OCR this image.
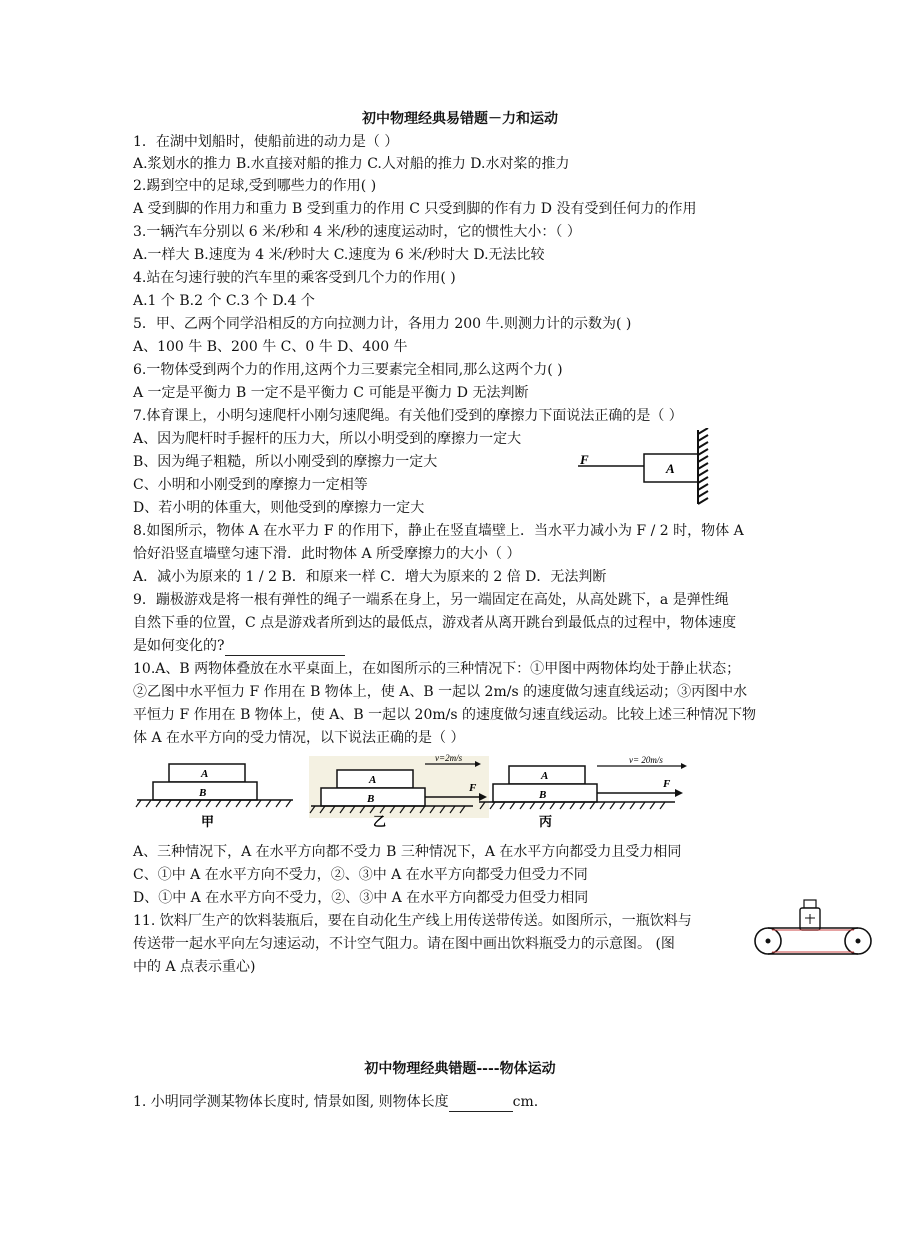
初中物理经典易错题－力和运动
1．在湖中划船时，使船前进的动力是（ ）
A.浆划水的推力 B.水直接对船的推力 C.人对船的推力 D.水对桨的推力
2.踢到空中的足球,受到哪些力的作用( )
A 受到脚的作用力和重力 B 受到重力的作用 C 只受到脚的作有力 D 没有受到任何力的作用
3.一辆汽车分别以 6 米/秒和 4 米/秒的速度运动时，它的惯性大小：（ ）
A.一样大 B.速度为 4 米/秒时大 C.速度为 6 米/秒时大 D.无法比较
4.站在匀速行驶的汽车里的乘客受到几个力的作用( )
A.1 个 B.2 个 C.3 个 D.4 个
5．甲、乙两个同学沿相反的方向拉测力计，各用力 200 牛.则测力计的示数为( )
A、100 牛 B、200 牛 C、0 牛 D、400 牛
6.一物体受到两个力的作用,这两个力三要素完全相同,那么这两个力( )
A 一定是平衡力 B 一定不是平衡力 C 可能是平衡力 D 无法判断
7.体育课上，小明匀速爬杆小刚匀速爬绳。有关他们受到的摩擦力下面说法正确的是（ ）
A、因为爬杆时手握杆的压力大，所以小明受到的摩擦力一定大
B、因为绳子粗糙，所以小刚受到的摩擦力一定大
C、小明和小刚受到的摩擦力一定相等
D、若小明的体重大，则他受到的摩擦力一定大
8.如图所示，物体 A 在水平力 F 的作用下，静止在竖直墙壁上．当水平力减小为 F / 2 时，物体 A
恰好沿竖直墙壁匀速下滑．此时物体 A 所受摩擦力的大小（ ）
A．减小为原来的 1 / 2 B．和原来一样 C．增大为原来的 2 倍 D．无法判断
9．蹦极游戏是将一根有弹性的绳子一端系在身上，另一端固定在高处，从高处跳下，a 是弹性绳
自然下垂的位置，C 点是游戏者所到达的最低点，游戏者从离开跳台到最低点的过程中，物体速度
是如何变化的?
10.A、B 两物体叠放在水平桌面上，在如图所示的三种情况下：①甲图中两物体均处于静止状态；
②乙图中水平恒力 F 作用在 B 物体上，使 A、B 一起以 2m/s 的速度做匀速直线运动；③丙图中水
平恒力 F 作用在 B 物体上，使 A、B 一起以 20m/s 的速度做匀速直线运动。比较上述三种情况下物
体 A 在水平方向的受力情况，以下说法正确的是（ ）
F
A
A
B
甲
A
B
v=2m/s
F
乙
A
B
v= 20m/s
F
丙
A、三种情况下，A 在水平方向都不受力 B 三种情况下，A 在水平方向都受力且受力相同
C、①中 A 在水平方向不受力，②、③中 A 在水平方向都受力但受力不同
D、①中 A 在水平方向不受力，②、③中 A 在水平方向都受力但受力相同
11. 饮料厂生产的饮料装瓶后，要在自动化生产线上用传送带传送。如图所示，一瓶饮料与
传送带一起水平向左匀速运动，不计空气阻力。请在图中画出饮料瓶受力的示意图。 (图
中的 A 点表示重心)
初中物理经典错题----物体运动
1. 小明同学测某物体长度时, 情景如图, 则物体长度	cm.
